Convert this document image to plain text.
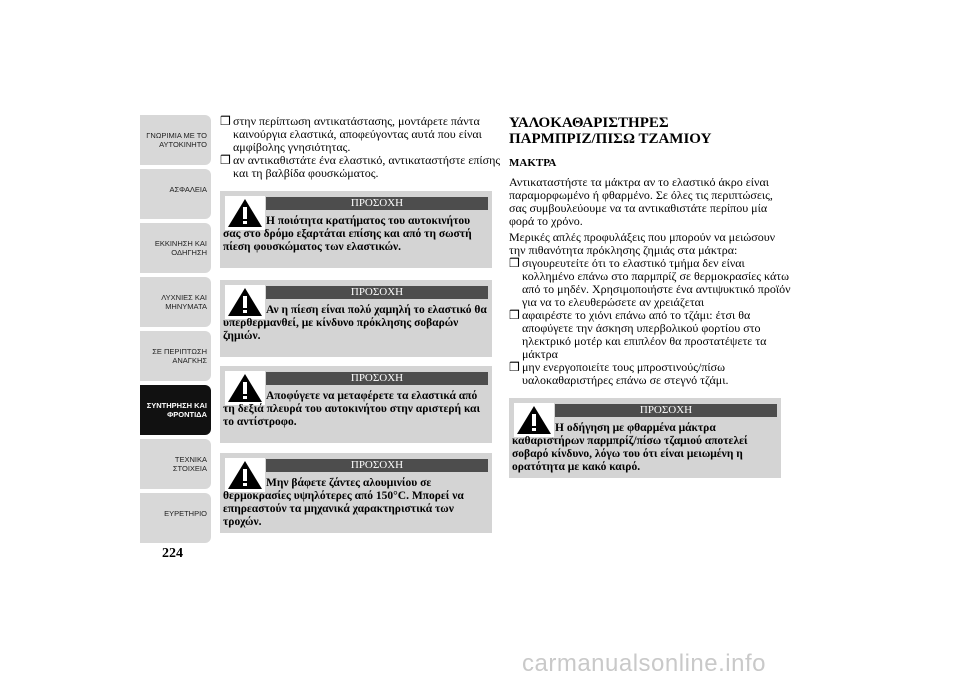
ΓΝΩΡΙΜΙΑ ΜΕ ΤΟ ΑΥΤΟΚΙΝΗΤΟ
ΑΣΦΑΛΕΙΑ
ΕΚΚΙΝΗΣΗ ΚΑΙ ΟΔΗΓΗΣΗ
ΛΥΧΝΙΕΣ ΚΑΙ ΜΗΝΥΜΑΤΑ
ΣΕ ΠΕΡΙΠΤΩΣΗ ΑΝΑΓΚΗΣ
ΣΥΝΤΗΡΗΣΗ ΚΑΙ ΦΡΟΝΤΙΔΑ
ΤΕΧΝΙΚΑ ΣΤΟΙΧΕΙΑ
ΕΥΡΕΤΗΡΙΟ
224
❒ στην περίπτωση αντικατάστασης, μοντάρετε πάντα καινούργια ελαστικά, αποφεύγοντας αυτά που είναι αμφίβολης γνησιότητας.
❒ αν αντικαθιστάτε ένα ελαστικό, αντικαταστήστε επίσης και τη βαλβίδα φουσκώματος.
ΠΡΟΣΟΧΗ
Η ποιότητα κρατήματος του αυτοκινήτου σας στο δρόμο εξαρτάται επίσης και από τη σωστή πίεση φουσκώματος των ελαστικών.
ΠΡΟΣΟΧΗ
Αν η πίεση είναι πολύ χαμηλή το ελαστικό θα υπερθερμανθεί, με κίνδυνο πρόκλησης σοβαρών ζημιών.
ΠΡΟΣΟΧΗ
Αποφύγετε να μεταφέρετε τα ελαστικά από τη δεξιά πλευρά του αυτοκινήτου στην αριστερή και το αντίστροφο.
ΠΡΟΣΟΧΗ
Μην βάφετε ζάντες αλουμινίου σε θερμοκρασίες υψηλότερες από 150°C. Μπορεί να επηρεαστούν τα μηχανικά χαρακτηριστικά των τροχών.
ΥΑΛΟΚΑΘΑΡΙΣΤΗΡΕΣ
ΠΑΡΜΠΡΙΖ/ΠΙΣΩ ΤΖΑΜΙΟΥ
ΜΑΚΤΡΑ
Αντικαταστήστε τα μάκτρα αν το ελαστικό άκρο είναι παραμορφωμένο ή φθαρμένο. Σε όλες τις περιπτώσεις, σας συμβουλεύουμε να τα αντικαθιστάτε περίπου μία φορά το χρόνο.
Μερικές απλές προφυλάξεις που μπορούν να μειώσουν την πιθανότητα πρόκλησης ζημιάς στα μάκτρα:
❒ σιγουρευτείτε ότι το ελαστικό τμήμα δεν είναι κολλημένο επάνω στο παρμπρίζ σε θερμοκρασίες κάτω από το μηδέν. Χρησιμοποιήστε ένα αντιψυκτικό προϊόν για να το ελευθερώσετε αν χρειάζεται
❒ αφαιρέστε το χιόνι επάνω από το τζάμι: έτσι θα αποφύγετε την άσκηση υπερβολικού φορτίου στο ηλεκτρικό μοτέρ και επιπλέον θα προστατέψετε τα μάκτρα
❒ μην ενεργοποιείτε τους μπροστινούς/πίσω υαλοκαθαριστήρες επάνω σε στεγνό τζάμι.
ΠΡΟΣΟΧΗ
Η οδήγηση με φθαρμένα μάκτρα καθαριστήρων παρμπρίζ/πίσω τζαμιού αποτελεί σοβαρό κίνδυνο, λόγω του ότι είναι μειωμένη η ορατότητα με κακό καιρό.
carmanualsonline.info
